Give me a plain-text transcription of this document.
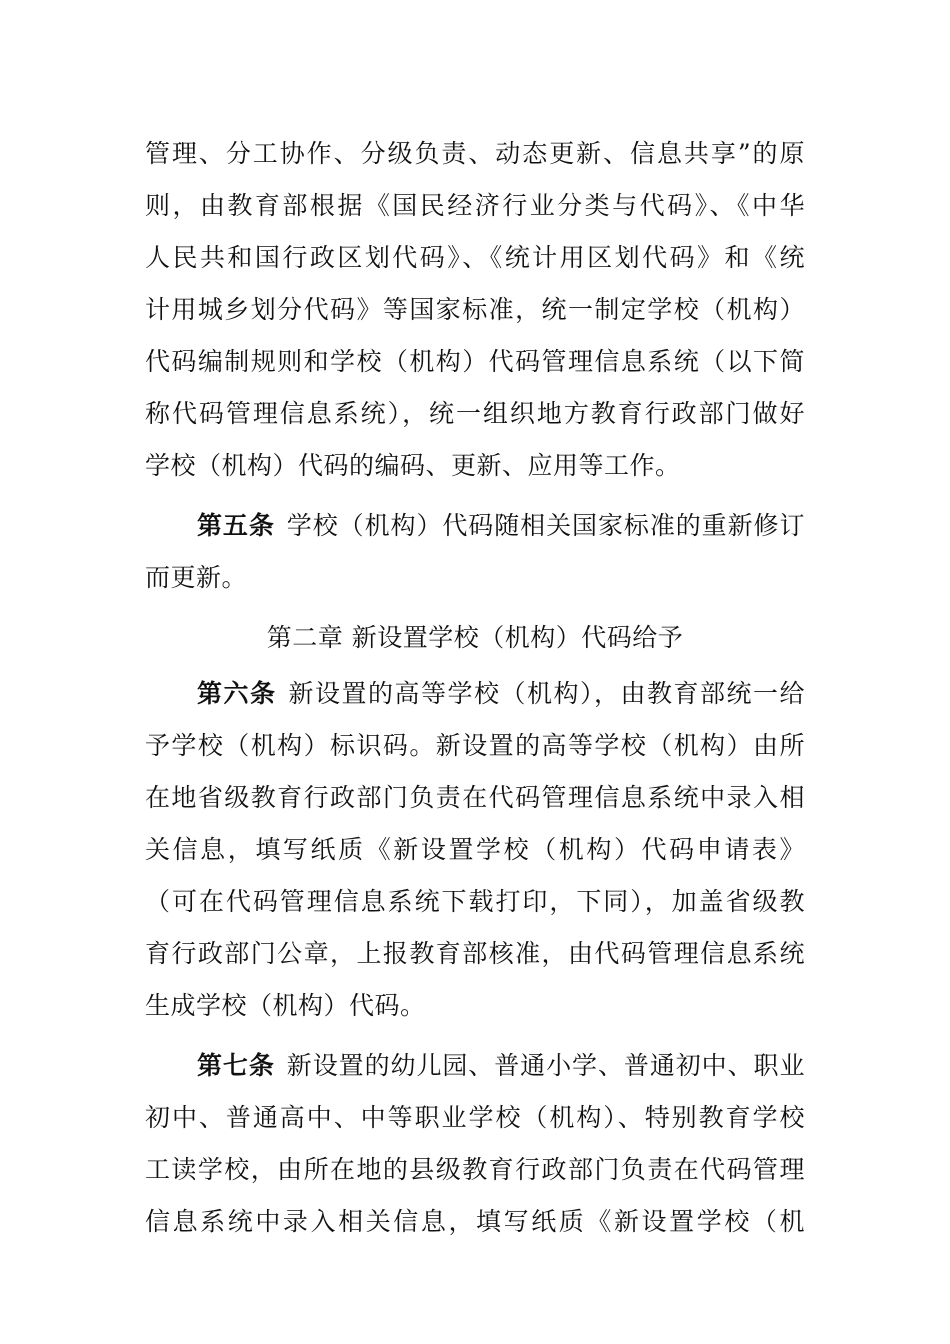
管理、分工协作、分级负责、动态更新、信息共享”的原
则，由教育部根据《国民经济行业分类与代码》、《中华
人民共和国行政区划代码》、《统计用区划代码》和《统
计用城乡划分代码》等国家标准，统一制定学校（机构）
代码编制规则和学校（机构）代码管理信息系统（以下简
称代码管理信息系统），统一组织地方教育行政部门做好
学校（机构）代码的编码、更新、应用等工作。
第五条 学校（机构）代码随相关国家标准的重新修订
而更新。
第二章 新设置学校（机构）代码给予
第六条 新设置的高等学校（机构），由教育部统一给
予学校（机构）标识码。新设置的高等学校（机构）由所
在地省级教育行政部门负责在代码管理信息系统中录入相
关信息，填写纸质《新设置学校（机构）代码申请表》
（可在代码管理信息系统下载打印，下同），加盖省级教
育行政部门公章，上报教育部核准，由代码管理信息系统
生成学校（机构）代码。
第七条 新设置的幼儿园、普通小学、普通初中、职业
初中、普通高中、中等职业学校（机构）、特别教育学校
工读学校，由所在地的县级教育行政部门负责在代码管理
信息系统中录入相关信息，填写纸质《新设置学校（机
